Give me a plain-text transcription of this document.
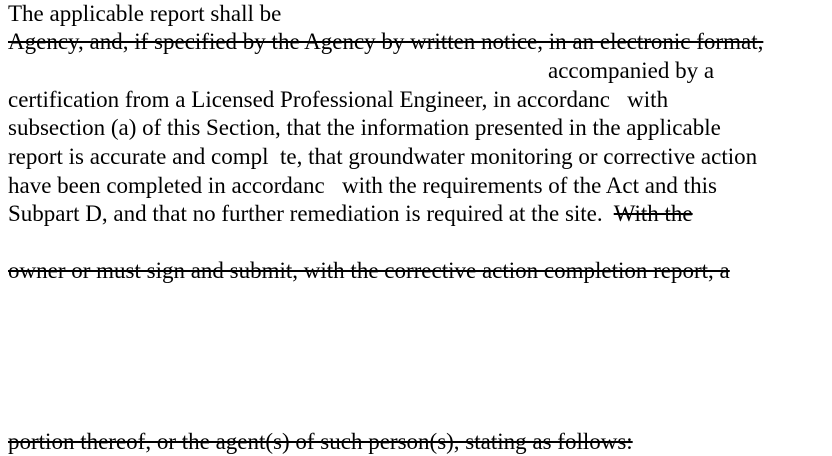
The applicable report shall be
Agency, and, if specified by the Agency by written notice, in an electronic format,
accompanied by a
certification from a Licensed Professional Engineer, in accordanc   with
subsection (a) of this Section, that the information presented in the applicable
report is accurate and compl  te, that groundwater monitoring or corrective action
have been completed in accordanc   with the requirements of the Act and this
Subpart D, and that no further remediation is required at the site.  With the
owner or must sign and submit, with the corrective action completion report, a
portion thereof, or the agent(s) of such person(s), stating as follows:
